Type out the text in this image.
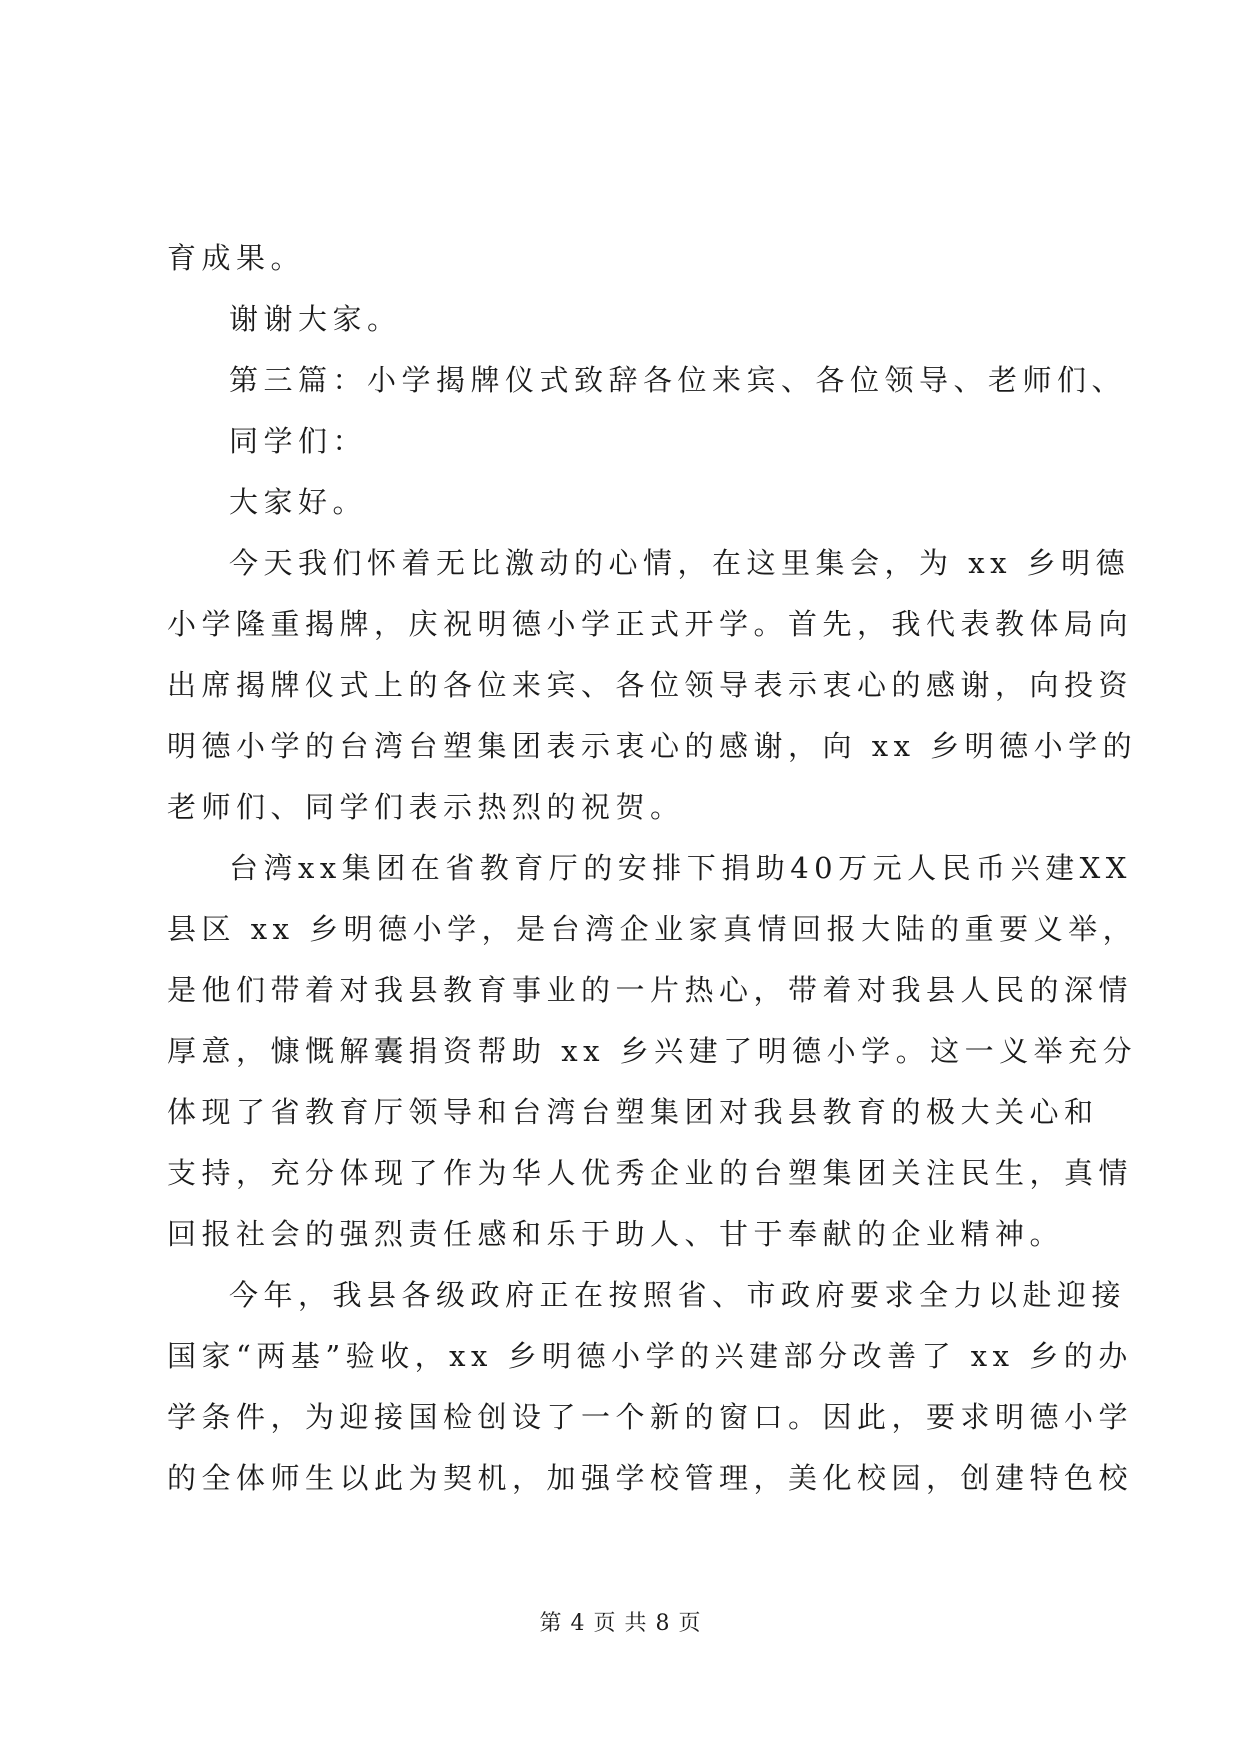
育成果。
谢谢大家。
第三篇：小学揭牌仪式致辞各位来宾、各位领导、老师们、
同学们：
大家好。
今天我们怀着无比激动的心情，在这里集会，为 xx 乡明德
小学隆重揭牌，庆祝明德小学正式开学。首先，我代表教体局向
出席揭牌仪式上的各位来宾、各位领导表示衷心的感谢，向投资
明德小学的台湾台塑集团表示衷心的感谢，向 xx 乡明德小学的
老师们、同学们表示热烈的祝贺。
台湾xx集团在省教育厅的安排下捐助40万元人民币兴建XX
县区 xx 乡明德小学，是台湾企业家真情回报大陆的重要义举，
是他们带着对我县教育事业的一片热心，带着对我县人民的深情
厚意，慷慨解囊捐资帮助 xx 乡兴建了明德小学。这一义举充分
体现了省教育厅领导和台湾台塑集团对我县教育的极大关心和
支持，充分体现了作为华人优秀企业的台塑集团关注民生，真情
回报社会的强烈责任感和乐于助人、甘于奉献的企业精神。
今年，我县各级政府正在按照省、市政府要求全力以赴迎接
国家“两基”验收，xx 乡明德小学的兴建部分改善了 xx 乡的办
学条件，为迎接国检创设了一个新的窗口。因此，要求明德小学
的全体师生以此为契机，加强学校管理，美化校园，创建特色校
第 4 页 共 8 页
